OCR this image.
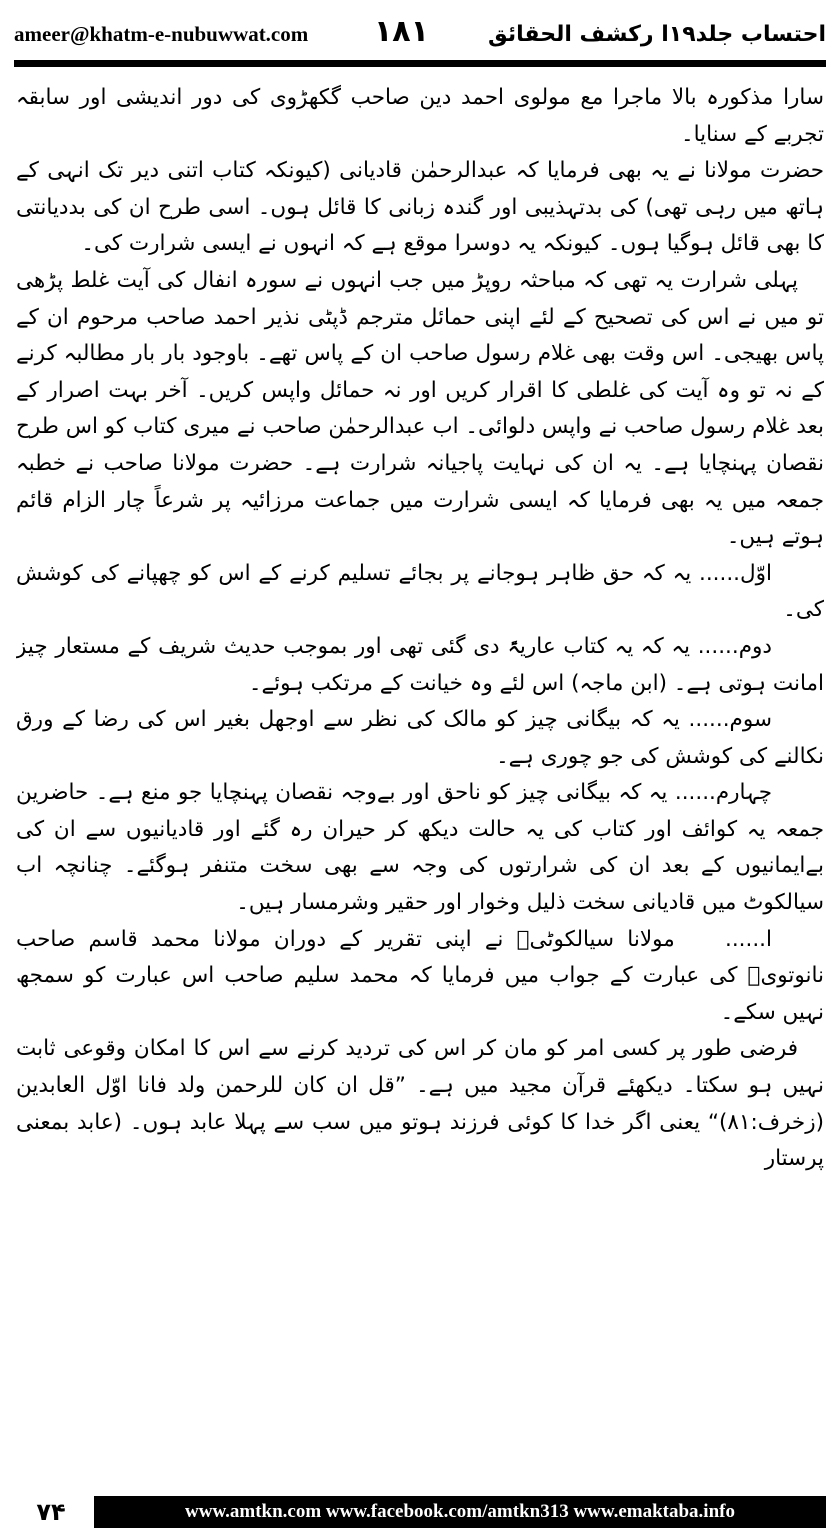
ameer@khatm-e-nubuwwat.com ۱۸۱	احتساب جلد۱۹ا رکشف الحقائق

سارا مذکورہ بالا ماجرا مع مولوی احمد دین صاحب گکھڑوی کی دور اندیشی اور سابقہ تجربے کے سنایا۔

حضرت مولانا نے یہ بھی فرمایا کہ عبدالرحمٰن قادیانی (کیونکہ کتاب اتنی دیر تک انہی کے ہاتھ میں رہی تھی) کی بدتہذیبی اور گندہ زبانی کا قائل ہوں۔ اسی طرح ان کی بددیانتی کا بھی قائل ہوگیا ہوں۔ کیونکہ یہ دوسرا موقع ہے کہ انہوں نے ایسی شرارت کی۔

پہلی شرارت یہ تھی کہ مباحثہ روپڑ میں جب انہوں نے سورہ انفال کی آیت غلط پڑھی تو میں نے اس کی تصحیح کے لئے اپنی حمائل مترجم ڈپٹی نذیر احمد صاحب مرحوم ان کے پاس بھیجی۔ اس وقت بھی غلام رسول صاحب ان کے پاس تھے۔ باوجود بار بار مطالبہ کرنے کے نہ تو وہ آیت کی غلطی کا اقرار کریں اور نہ حمائل واپس کریں۔ آخر بہت اصرار کے بعد غلام رسول صاحب نے واپس دلوائی۔ اب عبدالرحمٰن صاحب نے میری کتاب کو اس طرح نقصان پہنچایا ہے۔ یہ ان کی نہایت پاجیانہ شرارت ہے۔ حضرت مولانا صاحب نے خطبہ جمعہ میں یہ بھی فرمایا کہ ایسی شرارت میں جماعت مرزائیہ پر شرعاً چار الزام قائم ہوتے ہیں۔

اوّل...... یہ کہ حق ظاہر ہوجانے پر بجائے تسلیم کرنے کے اس کو چھپانے کی کوشش کی۔

دوم...... یہ کہ یہ کتاب عاریۃً دی گئی تھی اور بموجب حدیث شریف کے مستعار چیز امانت ہوتی ہے۔ (ابن ماجہ) اس لئے وہ خیانت کے مرتکب ہوئے۔

سوم...... یہ کہ بیگانی چیز کو مالک کی نظر سے اوجھل بغیر اس کی رضا کے ورق نکالنے کی کوشش کی جو چوری ہے۔

چہارم...... یہ کہ بیگانی چیز کو ناحق اور بےوجہ نقصان پہنچایا جو منع ہے۔ حاضرین جمعہ یہ کوائف اور کتاب کی یہ حالت دیکھ کر حیران رہ گئے اور قادیانیوں سے ان کی بےایمانیوں کے بعد ان کی شرارتوں کی وجہ سے بھی سخت متنفر ہوگئے۔ چنانچہ اب سیالکوٹ میں قادیانی سخت ذلیل وخوار اور حقیر وشرمسار ہیں۔

ا...... مولانا سیالکوٹیؒ نے اپنی تقریر کے دوران مولانا محمد قاسم صاحب نانوتویؒ کی عبارت کے جواب میں فرمایا کہ محمد سلیم صاحب اس عبارت کو سمجھ نہیں سکے۔

فرضی طور پر کسی امر کو مان کر اس کی تردید کرنے سے اس کا امکان وقوعی ثابت نہیں ہو سکتا۔ دیکھئے قرآن مجید میں ہے۔ ”قل ان کان للرحمن ولد فانا اوّل العابدین (زخرف:۸۱)“ یعنی اگر خدا کا کوئی فرزند ہوتو میں سب سے پہلا عابد ہوں۔ (عابد بمعنی پرستار

۷۴	www.amtkn.com www.facebook.com/amtkn313 www.emaktaba.info
